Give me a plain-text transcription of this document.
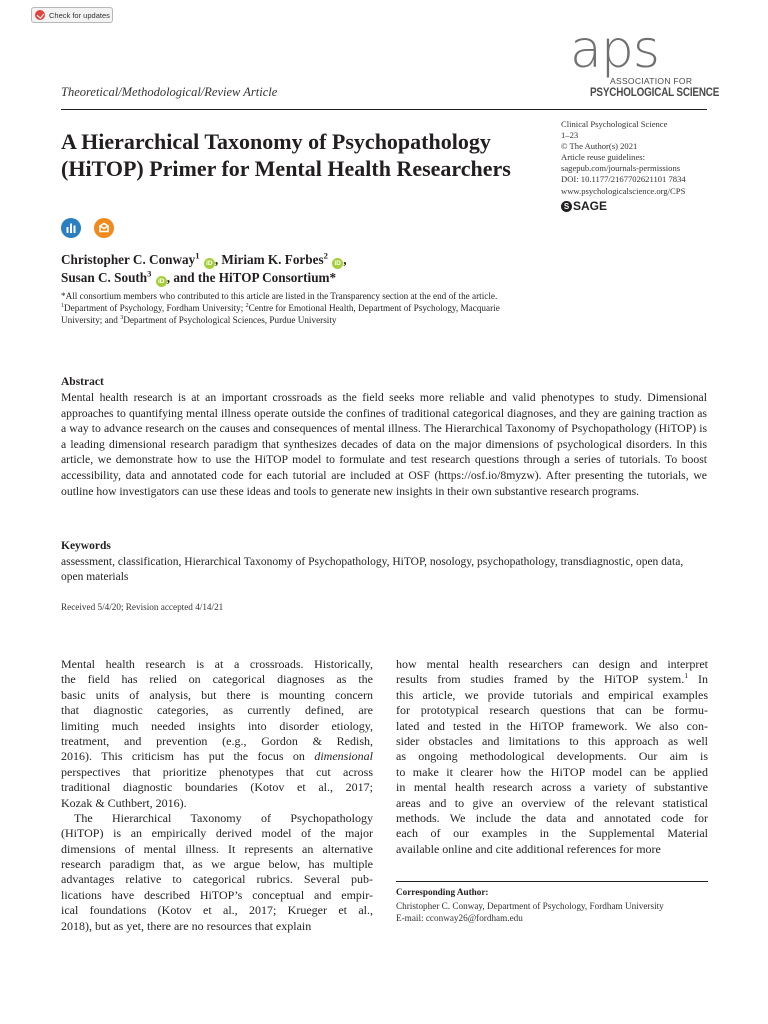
Check for updates
aps
ASSOCIATION FOR
PSYCHOLOGICAL SCIENCE
Theoretical/Methodological/Review Article
A Hierarchical Taxonomy of Psychopathology (HiTOP) Primer for Mental Health Researchers
Clinical Psychological Science
1–23
© The Author(s) 2021
Article reuse guidelines:
sagepub.com/journals-permissions
DOI: 10.1177/2167702621101 7834
www.psychologicalscience.org/CPS
S SAGE
Christopher C. Conway$^1$ iD , Miriam K. Forbes$^2$ iD ,
Susan C. South$^3$ iD , and the HiTOP Consortium*
*All consortium members who contributed to this article are listed in the Transparency section at the end of the article. $^1$Department of Psychology, Fordham University; $^2$Centre for Emotional Health, Department of Psychology, Macquarie University; and $^3$Department of Psychological Sciences, Purdue University
Abstract
Mental health research is at an important crossroads as the field seeks more reliable and valid phenotypes to study. Dimensional approaches to quantifying mental illness operate outside the confines of traditional categorical diagnoses, and they are gaining traction as a way to advance research on the causes and consequences of mental illness. The Hierarchical Taxonomy of Psychopathology (HiTOP) is a leading dimensional research paradigm that synthesizes decades of data on the major dimensions of psychological disorders. In this article, we demonstrate how to use the HiTOP model to formulate and test research questions through a series of tutorials. To boost accessibility, data and annotated code for each tutorial are included at OSF (https://osf.io/8myzw). After presenting the tutorials, we outline how investigators can use these ideas and tools to generate new insights in their own substantive research programs.
Keywords
assessment, classification, Hierarchical Taxonomy of Psychopathology, HiTOP, nosology, psychopathology, transdiagnostic, open data, open materials
Received 5/4/20; Revision accepted 4/14/21
Mental health research is at a crossroads. Historically,
the field has relied on categorical diagnoses as the
basic units of analysis, but there is mounting concern
that diagnostic categories, as currently defined, are
limiting much needed insights into disorder etiology,
treatment, and prevention (e.g., Gordon & Redish,
2016). This criticism has put the focus on dimensional
perspectives that prioritize phenotypes that cut across
traditional diagnostic boundaries (Kotov et al., 2017;
Kozak & Cuthbert, 2016).
The Hierarchical Taxonomy of Psychopathology
(HiTOP) is an empirically derived model of the major
dimensions of mental illness. It represents an alternative
research paradigm that, as we argue below, has multiple
advantages relative to categorical rubrics. Several pub-
lications have described HiTOP’s conceptual and empir-
ical foundations (Kotov et al., 2017; Krueger et al.,
2018), but as yet, there are no resources that explain
how mental health researchers can design and interpret
results from studies framed by the HiTOP system.$^1$ In
this article, we provide tutorials and empirical examples
for prototypical research questions that can be formu-
lated and tested in the HiTOP framework. We also con-
sider obstacles and limitations to this approach as well
as ongoing methodological developments. Our aim is
to make it clearer how the HiTOP model can be applied
in mental health research across a variety of substantive
areas and to give an overview of the relevant statistical
methods. We include the data and annotated code for
each of our examples in the Supplemental Material
available online and cite additional references for more
Corresponding Author:
Christopher C. Conway, Department of Psychology, Fordham University
E-mail: cconway26@fordham.edu
